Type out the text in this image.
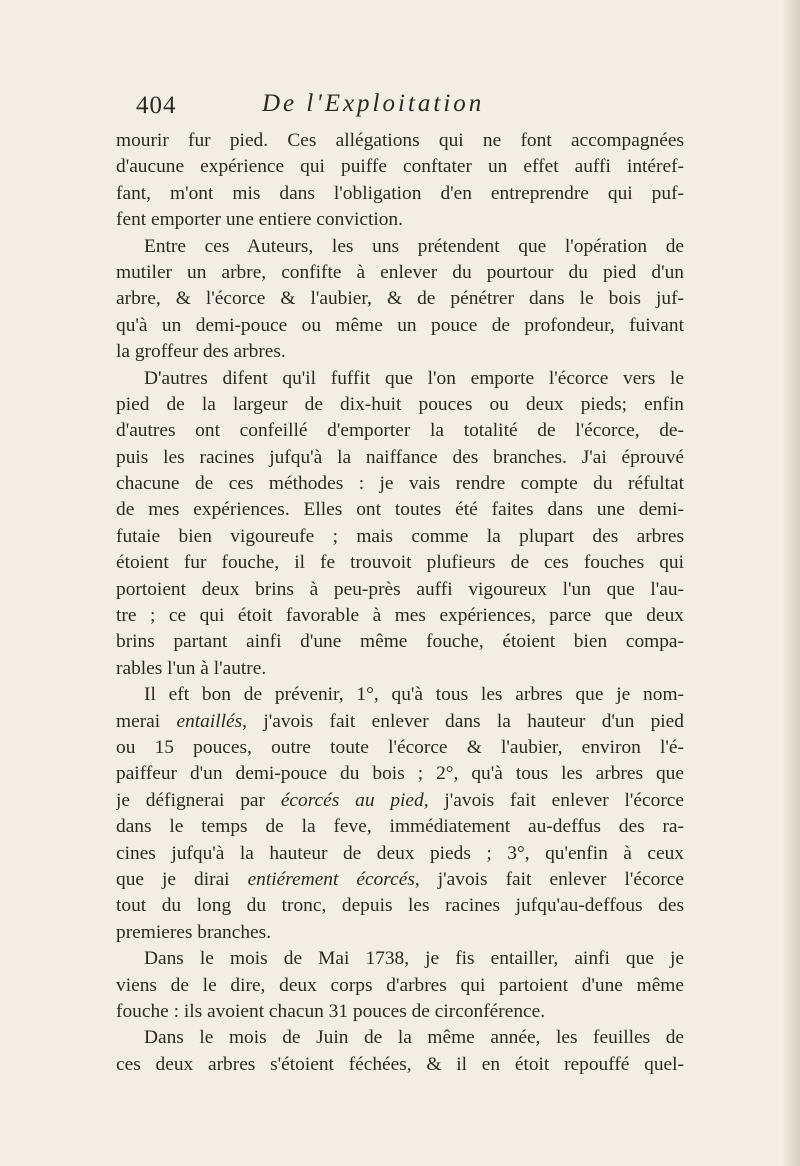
404	De l'Exploitation
mourir fur pied. Ces allégations qui ne font accompagnées
d'aucune expérience qui puiffe conftater un effet auffi intéref-
fant, m'ont mis dans l'obligation d'en entreprendre qui puf-
fent emporter une entiere conviction.
Entre ces Auteurs, les uns prétendent que l'opération de
mutiler un arbre, confifte à enlever du pourtour du pied d'un
arbre, & l'écorce & l'aubier, & de pénétrer dans le bois juf-
qu'à un demi-pouce ou même un pouce de profondeur, fuivant
la groffeur des arbres.
D'autres difent qu'il fuffit que l'on emporte l'écorce vers le
pied de la largeur de dix-huit pouces ou deux pieds; enfin
d'autres ont confeillé d'emporter la totalité de l'écorce, de-
puis les racines jufqu'à la naiffance des branches. J'ai éprouvé
chacune de ces méthodes : je vais rendre compte du réfultat
de mes expériences. Elles ont toutes été faites dans une demi-
futaie bien vigoureufe ; mais comme la plupart des arbres
étoient fur fouche, il fe trouvoit plufieurs de ces fouches qui
portoient deux brins à peu-près auffi vigoureux l'un que l'au-
tre ; ce qui étoit favorable à mes expériences, parce que deux
brins partant ainfi d'une même fouche, étoient bien compa-
rables l'un à l'autre.
Il eft bon de prévenir, 1°, qu'à tous les arbres que je nom-
merai entaillés, j'avois fait enlever dans la hauteur d'un pied
ou 15 pouces, outre toute l'écorce & l'aubier, environ l'é-
paiffeur d'un demi-pouce du bois ; 2°, qu'à tous les arbres que
je défignerai par écorcés au pied, j'avois fait enlever l'écorce
dans le temps de la feve, immédiatement au-deffus des ra-
cines jufqu'à la hauteur de deux pieds ; 3°, qu'enfin à ceux
que je dirai entiérement écorcés, j'avois fait enlever l'écorce
tout du long du tronc, depuis les racines jufqu'au-deffous des
premieres branches.
Dans le mois de Mai 1738, je fis entailler, ainfi que je
viens de le dire, deux corps d'arbres qui partoient d'une même
fouche : ils avoient chacun 31 pouces de circonférence.
Dans le mois de Juin de la même année, les feuilles de
ces deux arbres s'étoient féchées, & il en étoit repouffé quel-
